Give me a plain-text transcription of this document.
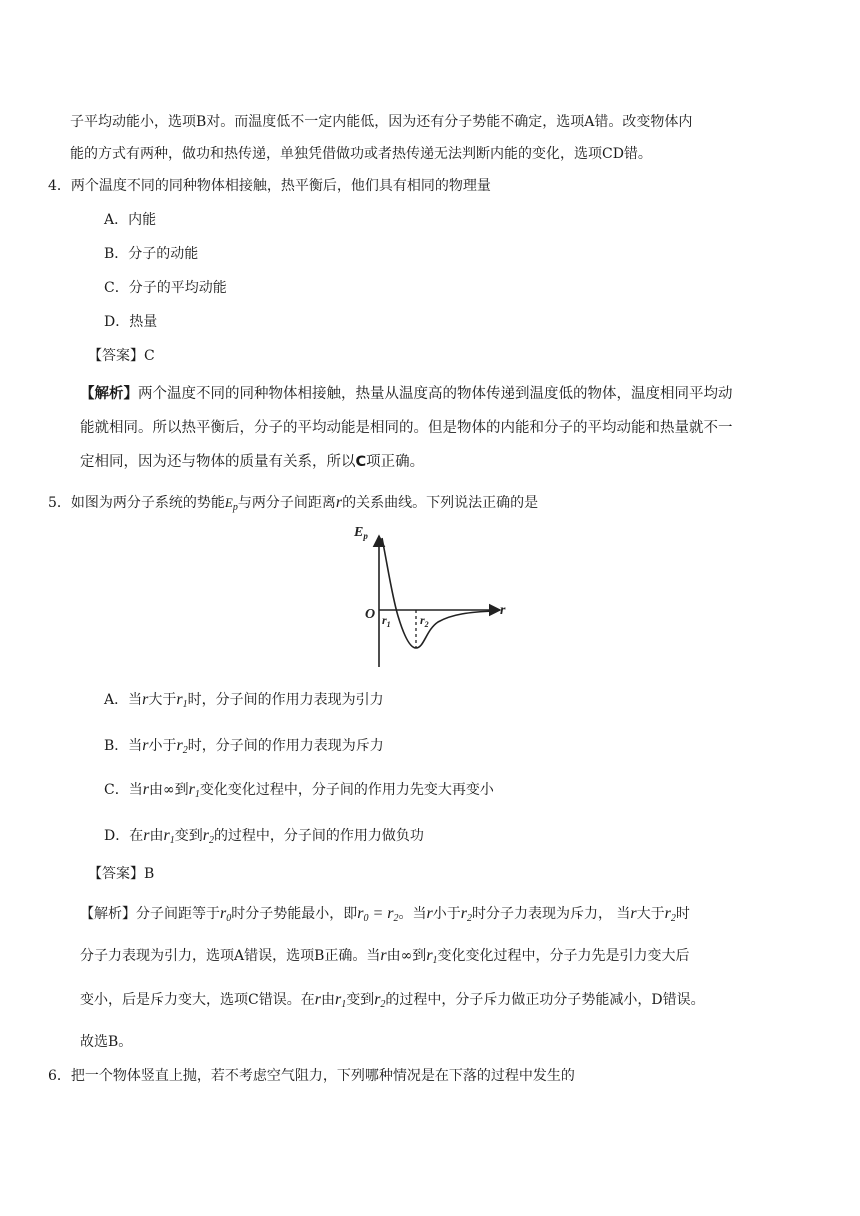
子平均动能小，选项B对。而温度低不一定内能低，因为还有分子势能不确定，选项A错。改变物体内
能的方式有两种，做功和热传递，单独凭借做功或者热传递无法判断内能的变化，选项CD错。
4．两个温度不同的同种物体相接触，热平衡后，他们具有相同的物理量
A．内能
B．分子的动能
C．分子的平均动能
D．热量
【答案】C
【解析】两个温度不同的同种物体相接触，热量从温度高的物体传递到温度低的物体，温度相同平均动
能就相同。所以热平衡后，分子的平均动能是相同的。但是物体的内能和分子的平均动能和热量就不一
定相同，因为还与物体的质量有关系，所以C项正确。
5．如图为两分子系统的势能$E_p$与两分子间距离r的关系曲线。下列说法正确的是
$E_p$
O	r
$r_1$ $r_2$
A．当r大于$r_1$时，分子间的作用力表现为引力
B．当r小于$r_2$时，分子间的作用力表现为斥力
C．当r由∞到$r_1$变化变化过程中，分子间的作用力先变大再变小
D．在r由$r_1$变到$r_2$的过程中，分子间的作用力做负功
【答案】B
【解析】分子间距等于$r_0$时分子势能最小，即$r_0 = r_2$。当r小于$r_2$时分子力表现为斥力， 当r大于$r_2$时
分子力表现为引力，选项A错误，选项B正确。当r由∞到$r_1$变化变化过程中，分子力先是引力变大后
变小，后是斥力变大，选项C错误。在r由$r_1$变到$r_2$的过程中，分子斥力做正功分子势能减小，D错误。
故选B。
6．把一个物体竖直上抛，若不考虑空气阻力，下列哪种情况是在下落的过程中发生的
